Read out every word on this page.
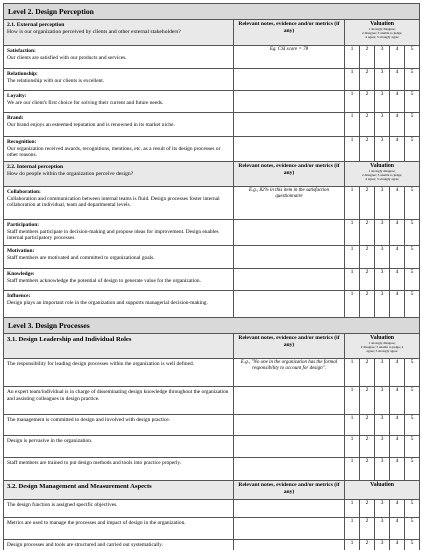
Level 2. Design Perception						

2.1. External perception
How is our organization perceived by clients and other external stakeholders?	Relevant notes, evidence and/or metrics (if any)	Valuation
1 strongly disagree;
2 disagree; 3 unable to judge;
4 agree; 5 strongly agree				

Satisfaction:
Our clients are satisfied with our products and services.	Eg. CSI score = 78	1	2	3	4	5

Relationship:
The relationship with our clients is excellent.		1	2	3	4	5

Loyalty:
We are our client's first choice for solving their current and future needs.		1	2	3	4	5

Brand:
Our brand enjoys an esteemed reputation and is renowned in its market niche.		1	2	3	4	5

Recognition:
Our organization received awards, recognitions, mentions, etc. as a result of its design processes or other reasons.		1	2	3	4	5

2.2. Internal perception
How do people within the organization perceive design?	Relevant notes, evidence and/or metrics (if any)	Valuation
1 strongly disagree;
2 disagree; 3 unable to judge;
4 agree; 5 strongly agree				

Collaboration:
Collaboration and communication between internal teams is fluid. Design processes foster internal collaboration at individual, team and departmental levels.	E.g., 82% in this item in the satisfaction questionnaire	1	2	3	4	5

Participation:
Staff members participate in decision-making and propose ideas for improvement. Design enables internal participatory processes.		1	2	3	4	5

Motivation:
Staff members are motivated and committed to organizational goals.		1	2	3	4	5

Knowledge:
Staff members acknowledge the potential of design to generate value for the organization.		1	2	3	4	5

Influence:
Design plays an important role in the organization and supports managerial decision-making.		1	2	3	4	5
Level 3. Design Processes						

3.1. Design Leadership and Individual Roles	Relevant notes, evidence and/or metrics (if any)	Valuation
1 strongly disagree;
2 disagree; 3 unable to judge; 4
agree; 5 strongly agree				

The responsibility for leading design processes within the organization is well defined.	E.g., "No one in the organization has the formal responsibility to account for design".	1	2	3	4	5
An expert team/individual is in charge of disseminating design knowledge throughout the organization and assisting colleagues in design practice.		1	2	3	4	5
The management is committed to design and involved with design practice.		1	2	3	4	5
Design is pervasive in the organization.		1	2	3	4	5
Staff members are trained to put design methods and tools into practice properly.		1	2	3	4	5

3.2. Design Management and Measurement Aspects	Relevant notes, evidence and/or metrics (if any)	Valuation				

The design function is assigned specific objectives.		1	2	3	4	5
Metrics are used to manage the processes and impact of design in the organization.		1	2	3	4	5
Design processes and tools are structured and carried out systematically.		1	2	3	4	5
